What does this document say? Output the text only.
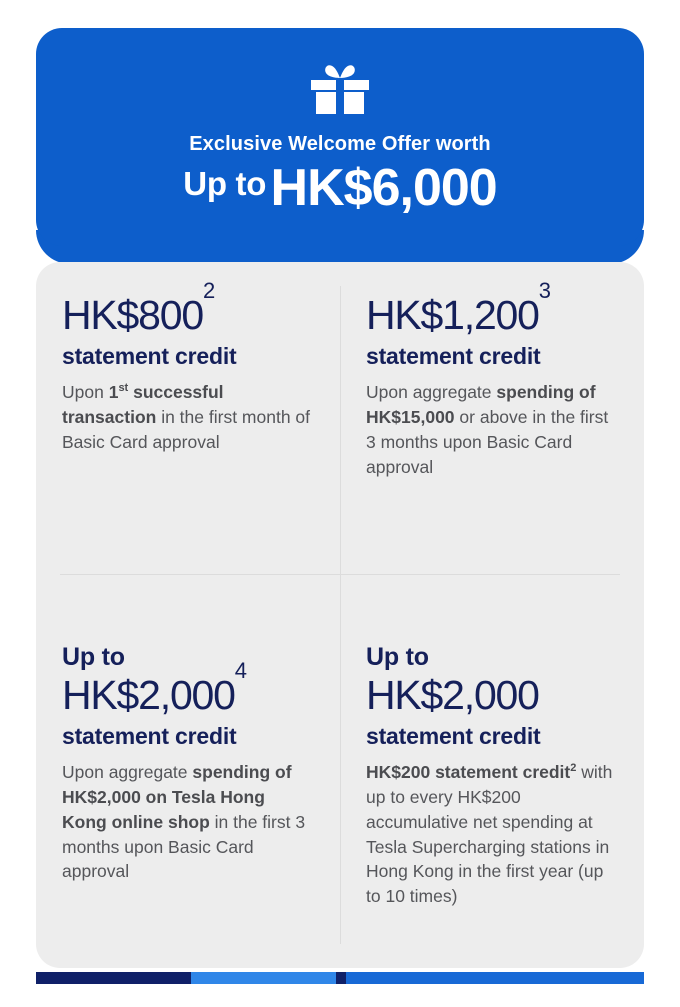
Exclusive Welcome Offer worth
Up to HK$6,000
$HK\$800^2$
statement credit
Upon 1st successful transaction in the first month of Basic Card approval
HK$1,200$^3$
statement credit
Upon aggregate spending of HK$15,000 or above in the first 3 months upon Basic Card approval
Up to
HK$2,000$^4$
statement credit
Upon aggregate spending of HK$2,000 on Tesla Hong Kong online shop in the first 3 months upon Basic Card approval
Up to
HK$2,000
statement credit
HK$200 statement credit$^2$ with up to every HK$200 accumulative net spending at Tesla Supercharging stations in Hong Kong in the first year (up to 10 times)
